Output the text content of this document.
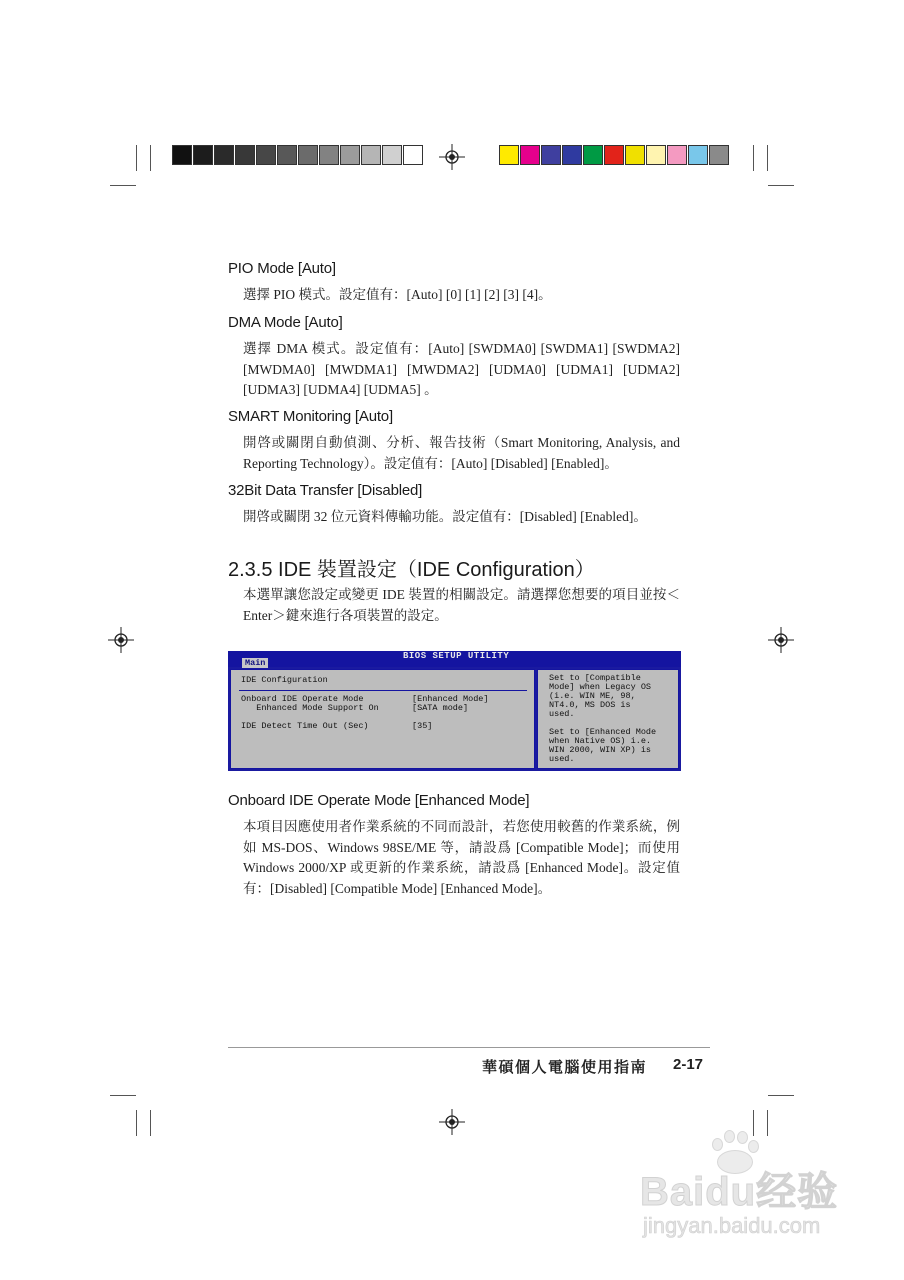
PIO Mode [Auto]
選擇 PIO 模式。設定值有：[Auto] [0] [1] [2] [3] [4]。
DMA Mode [Auto]
選擇 DMA 模式。設定值有：[Auto] [SWDMA0] [SWDMA1] [SWDMA2] [MWDMA0] [MWDMA1] [MWDMA2] [UDMA0] [UDMA1] [UDMA2] [UDMA3] [UDMA4] [UDMA5] 。
SMART Monitoring [Auto]
開啓或關閉自動偵測、分析、報告技術（Smart Monitoring, Analysis, and Reporting Technology）。設定值有：[Auto] [Disabled] [Enabled]。
32Bit Data Transfer [Disabled]
開啓或關閉 32 位元資料傳輸功能。設定值有：[Disabled] [Enabled]。
2.3.5 IDE 裝置設定（IDE Configuration）
本選單讓您設定或變更 IDE 裝置的相關設定。請選擇您想要的項目並按＜Enter＞鍵來進行各項裝置的設定。
BIOS SETUP UTILITY
Main
IDE Configuration
Onboard IDE Operate Mode	[Enhanced Mode]
Enhanced Mode Support On	[SATA mode]
IDE Detect Time Out (Sec)	[35]
Set to [Compatible
Mode] when Legacy OS
(i.e. WIN ME, 98,
NT4.0, MS DOS is
used.
Set to [Enhanced Mode
when Native OS) i.e.
WIN 2000, WIN XP) is
used.
Onboard IDE Operate Mode [Enhanced Mode]
本項目因應使用者作業系統的不同而設計，若您使用較舊的作業系統，例如 MS-DOS、Windows 98SE/ME 等，請設爲 [Compatible Mode]；而使用 Windows 2000/XP 或更新的作業系統，請設爲 [Enhanced Mode]。設定值有：[Disabled] [Compatible Mode] [Enhanced Mode]。
華碩個人電腦使用指南 2-17
Baidu经验
jingyan.baidu.com
